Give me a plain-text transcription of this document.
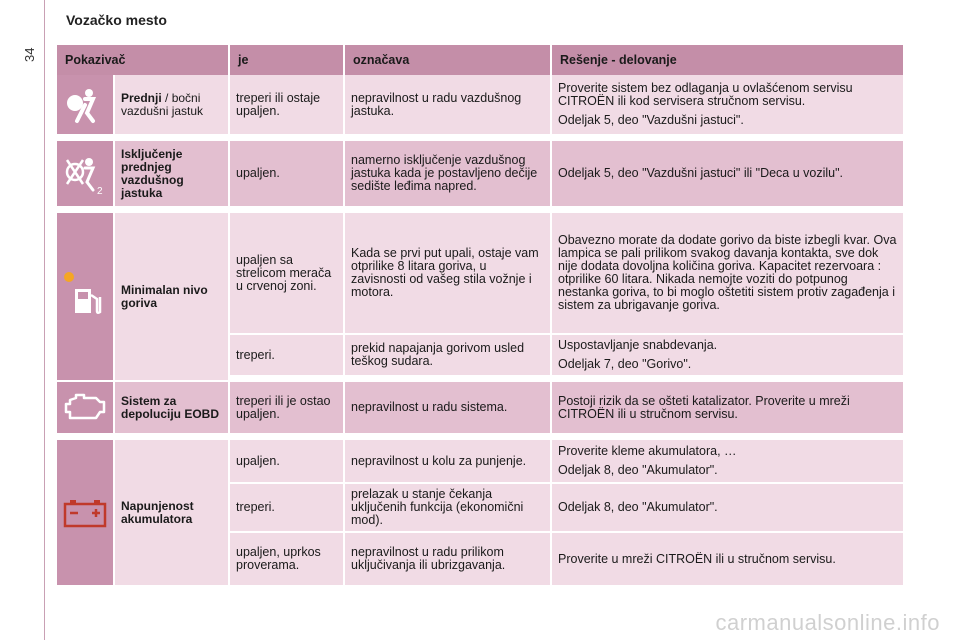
Vozačko mesto
34 Pokazivač		je	označava	Rešenje - delovanje

	Prednji / bočni vazdušni jastuk	treperi ili ostaje upaljen.	nepravilnost u radu vazdušnog jastuka.	Proverite sistem bez odlaganja u ovlašćenom servisu CITROËN ili kod servisera stručnom servisu.

Odeljak 5, deo "Vazdušni jastuci".

2	Isključenje prednjeg vazdušnog jastuka	upaljen.	namerno isključenje vazdušnog jastuka kada je postavljeno dečije sedište leđima napred.	Odeljak 5, deo "Vazdušni jastuci" ili "Deca u vozilu".

	Minimalan nivo goriva	upaljen sa strelicom merača u crvenoj zoni.	Kada se prvi put upali, ostaje vam otprilike 8 litara goriva, u zavisnosti od vašeg stila vožnje i motora.	Obavezno morate da dodate gorivo da biste izbegli kvar. Ova lampica se pali prilikom svakog davanja kontakta, sve dok nije dodata dovoljna količina goriva. Kapacitet rezervoara : otprilike 60 litara. Nikada nemojte voziti do potpunog nestanka goriva, to bi moglo oštetiti sistem protiv zagađenja i sistem za ubrigavanje goriva.
		treperi.	prekid napajanja gorivom usled teškog sudara.	Uspostavljanje snabdevanja.

Odeljak 7, deo "Gorivo".

	Sistem za depoluciju EOBD	treperi ili je ostao upaljen.	nepravilnost u radu sistema.	Postoji rizik da se ošteti katalizator. Proverite u mreži CITROËN ili u stručnom servisu.

	Napunjenost akumulatora	upaljen.	nepravilnost u kolu za punjenje.	Proverite kleme akumulatora, …

Odeljak 8, deo "Akumulator".

		treperi.	prelazak u stanje čekanja uključenih funkcija (ekonomični mod).	Odeljak 8, deo "Akumulator".
		upaljen, uprkos proverama.	nepravilnost u radu prilikom uključivanja ili ubrizgavanja.	Proverite u mreži CITROËN ili u stručnom servisu.
carmanualsonline.info
